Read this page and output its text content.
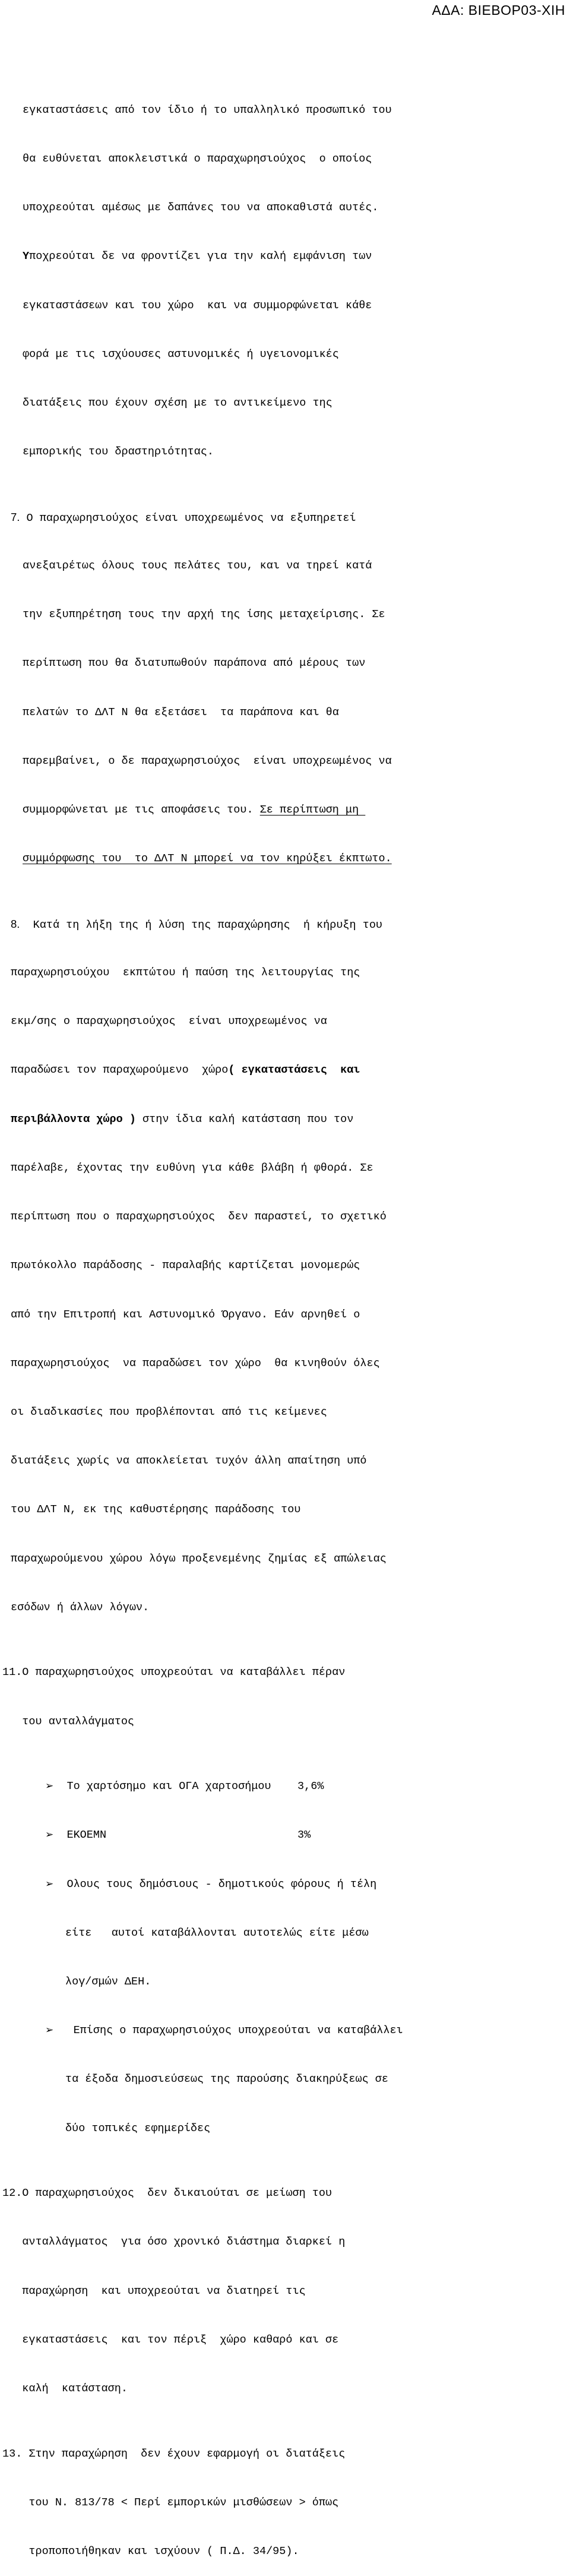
ΑΔΑ: ΒΙΕΒΟΡ03-ΧΙΗ

εγκαταστάσεις από τον ίδιο ή το υπαλληλικό προσωπικό του

θα ευθύνεται αποκλειστικά ο παραχωρησιούχος  ο οποίος

υποχρεούται αμέσως με δαπάνες του να αποκαθιστά αυτές.

Υποχρεούται δε να φροντίζει για την καλή εμφάνιση των

εγκαταστάσεων και του χώρο  και να συμμορφώνεται κάθε

φορά με τις ισχύουσες αστυνομικές ή υγειονομικές

διατάξεις που έχουν σχέση με το αντικείμενο της

εμπορικής του δραστηριότητας.

7. Ο παραχωρησιούχος είναι υποχρεωμένος να εξυπηρετεί

ανεξαιρέτως όλους τους πελάτες του, και να τηρεί κατά

την εξυπηρέτηση τους την αρχή της ίσης μεταχείρισης. Σε

περίπτωση που θα διατυπωθούν παράπονα από μέρους των

πελατών το ΔΛΤ Ν θα εξετάσει  τα παράπονα και θα

παρεμβαίνει, ο δε παραχωρησιούχος  είναι υποχρεωμένος να

συμμορφώνεται με τις αποφάσεις του. Σε περίπτωση μη

συμμόρφωσης του  το ΔΛΤ Ν μπορεί να τον κηρύξει έκπτωτο.

8.  Κατά τη λήξη της ή λύση της παραχώρησης  ή κήρυξη του

παραχωρησιούχου  εκπτώτου ή παύση της λειτουργίας της

εκμ/σης ο παραχωρησιούχος  είναι υποχρεωμένος να

παραδώσει τον παραχωρούμενο  χώρο( εγκαταστάσεις  και

περιβάλλοντα χώρο ) στην ίδια καλή κατάσταση που τον

παρέλαβε, έχοντας την ευθύνη για κάθε βλάβη ή φθορά. Σε

περίπτωση που ο παραχωρησιούχος  δεν παραστεί, το σχετικό

πρωτόκολλο παράδοσης - παραλαβής καρτίζεται μονομερώς

από την Επιτροπή και Αστυνομικό Όργανο. Εάν αρνηθεί ο

παραχωρησιούχος  να παραδώσει τον χώρο  θα κινηθούν όλες

οι διαδικασίες που προβλέπονται από τις κείμενες

διατάξεις χωρίς να αποκλείεται τυχόν άλλη απαίτηση υπό

του ΔΛΤ Ν, εκ της καθυστέρησης παράδοσης του

παραχωρούμενου χώρου λόγω προξενεμένης ζημίας εξ απώλειας

εσόδων ή άλλων λόγων.

11.Ο παραχωρησιούχος υποχρεούται να καταβάλλει πέραν

του ανταλλάγματος

➢ Το χαρτόσημο και ΟΓΑ χαρτοσήμου    3,6%

➢ ΕΚΟΕΜΝ                             3%

➢ Ολους τους δημόσιους - δημοτικούς φόρους ή τέλη

είτε   αυτοί καταβάλλονται αυτοτελώς είτε μέσω

λογ/σμών ΔΕΗ.

➢   Επίσης ο παραχωρησιούχος υποχρεούται να καταβάλλει

τα έξοδα δημοσιεύσεως της παρούσης διακηρύξεως σε

δύο τοπικές εφημερίδες

12.Ο παραχωρησιούχος  δεν δικαιούται σε μείωση του

ανταλλάγματος  για όσο χρονικό διάστημα διαρκεί η

παραχώρηση  και υποχρεούται να διατηρεί τις

εγκαταστάσεις  και τον πέριξ  χώρο καθαρό και σε

καλή  κατάσταση.

13. Στην παραχώρηση  δεν έχουν εφαρμογή οι διατάξεις

του Ν. 813/78 < Περί εμπορικών μισθώσεων > όπως

τροποποιήθηκαν και ισχύουν ( Π.Δ. 34/95).
